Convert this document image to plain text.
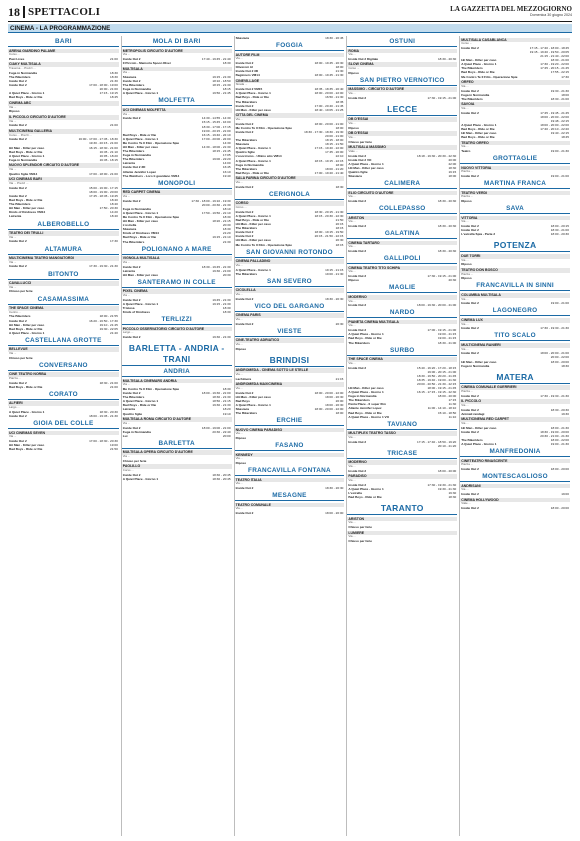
18 SPETTACOLI	LA GAZZETTA DEL MEZZOGIORNO
Domenica 30 giugno 2024
CINEMA - LA PROGRAMMAZIONE
BARI
ARENA GIARDINO PALAME
Corso ...
Past Lives	21:00
CIAKY MULTISALA
Traversa ... Prezzi ...
Fuga in Normandia	18:30
The Bikeriders	18:30
Inside Out 2	21:30
Inside Out 2	17:00 - 18:00 - 19:00
20:00 - 21:00
A Quiet Place - Giorno 1	17:15 - 19:15
Bad Boys - Ride or Die	18:45
CINEMA ABC
Via ...
Riposo
IL PICCOLO CIRCUITO D'AUTORE
Via ...
Inside Out 2	21:00
MULTICINEMA GALLERIA
Corso ... Prezzi ...
Inside Out 2	16:00 - 17:00 - 17:45 - 18:30
19:30 - 20:15 - 21:00
Hit Man - Killer per caso	16:15 - 18:30 - 21:00
Bad Boys - Ride or Die	16:45 - 21:10
A Quiet Place - Giorno 1	16:05 - 18:20
Fuga in Normandia	16:45 - 18:15
NUOVO SPLENDOR CIRCUITO D'AUTORE
Via ...
Quattro figlie VM14	17:00 - 18:00 - 21:00
UCI CINEMAS BARI
Via ... Prezzi ...
Inside Out 2	15:00 - 16:00 - 17:15
18:00 - 19:00 - 20:00
Inside Out 2	17:45 - 18:45 - 19:45
Bad Boys - Ride or Die	18:40
The Bikeriders	18:40
Hit Man - Killer per caso	17:50 - 20:30
Kinds of Kindness VM14	14:20
Latrenta	18:40
ALBEROBELLO
TEATRO DEI TRULLI
Via ...
Inside Out 2	17:30
ALTAMURA
MULTICINEMA TEATRO MANGIATORDI
Via ...
Inside Out 2	17:30 - 19:30 - 21:30
BITONTO
CAVALLUCCI
Via ...
Chiuso per ferie
CASAMASSIMA
THE SPACE CINEMA
Centro ...
The Bikeriders	18:00 - 21:55
Inside Out 2	16:20 - 16:50 - 17:30
Hit Man - Killer per caso	19:10 - 21:45
Bad Boys - Ride or Die	19:30 - 22:05
A Quiet Place - Giorno 1	21:40
CASTELLANA GROTTE
BELLEVUE
Via ...
Chiuso per ferie
CONVERSANO
CINE TEATRO NORBA
Piazza ...
Inside Out 2	18:30 - 21:00
Bad Boys - Ride or Die	21:00
CORATO
ALFIERI
Largo ...
A Quiet Place - Giorno 1	18:30 - 20:30
Inside Out 2	18:00 - 19:45 - 21:30
GIOIA DEL COLLE
UCI CINEMAS SEVEN
Via ...
Inside Out 2	17:00 - 18:30 - 20:30
Hit Man - Killer per caso	19:00
Bad Boys - Ride or Die	21:50
MOLA DI BARI
METROPOLIS CIRCUITO D'AUTORE
Via ...
Inside Out 2	17:40 - 19:45 - 21:40
Il Piccolo - Memoria Spoon River	18:30
MULTISALA
Via ...
Sbasiaca	19:15 - 21:30
Inside Out 2	18:10 - 18:50
The Bikeriders	18:15 - 21:30
Fuga in Normandia	18:15
A Quiet Place - Giorno 1	19:50 - 21:45
MOLFETTA
UCI CINEMAS MOLFETTA
Via ...
Inside Out 2	14:30 - 14:55 - 14:30
15:15 - 15:45 - 16:00
18:30 - 17:00 - 17:15
19:00 - 20:15 - 21:00
Bad Boys - Ride or Die	16:15 - 19:40 - 22:10
A Quiet Place - Giorno 1	17:00 - 20:00 - 22:00
Me Contro Te Il Film - Operazione Spie	14:30
Hit Man - Killer per caso	14:30 - 18:00 - 21:30
The Bikeriders	18:15 - 21:45
Fuga in Normandia	17:05
The Bikeriders	19:00 - 22:20
Latrenta	14:00
Inside Out 2 3D	16:45
Atlante Jennifer Lopez	16:10
The Watchers - Loro ti guardano VM14	19:40
MONOPOLI
RED CARPET CINEMA
Via ...
Inside Out 2	17:30 - 18:00 - 19:10 - 19:30
20:00 - 20:30 - 21:30
Fuga in Normandia	18:10
A Quiet Place - Giorno 1	17:50 - 19:50 - 21:10
Me Contro Te Il Film - Operazione Spie	18:30
Hit Man - Killer per caso	18:20 - 21:15
L'estrella	20:30
Sbasiaca	18:30
Kinds of Kindness VM14	21:20
Bad Boys - Ride or Die	19:15 - 21:10
The Bikeriders	21:30
POLIGNANO A MARE
VIGNOLA MULTISALA
Via ...
Inside Out 2	18:30 - 19:45 - 21:30
Latrenta	19:30 - 21:00
Hit Man - Killer per caso	20:30
SANTERAMO IN COLLE
PIXEL CINEMA
Via ...
Inside Out 2	19:45 - 21:30
A Quiet Place - Giorno 1	19:15 - 21:30
Tristesa	18:30
Kinds of Kindness	18:30
TERLIZZI
PICCOLO OSSERVATORIO CIRCUITO D'AUTORE
Largo ...
Inside Out 2	19:30 - 21:30
BARLETTA - ANDRIA - TRANI
ANDRIA
MULTISALA CINEMARS ANDRIA
Via ...
Me Contro Te Il Film - Operazione Spie	18:30
Inside Out 2	18:00 - 19:30 - 21:00
The Bikeriders	18:30 - 21:30
A Quiet Place - Giorno 1	18:50 - 21:15
Bad Boys - Ride or Die	19:30 - 21:30
Latrenta	18:20
Quattro figlie	19:10
MULTISALA ROMA CIRCUITO D'AUTORE
Via ...
Inside Out 2	18:00 - 19:00 - 21:00
Fuga in Normandia	20:30 - 22:40
Lui	20:00
BARLETTA
MULTISALA OPERA CIRCUITO D'AUTORE
Via ...
Chiuso per ferie
PAOLILLO
Corso ...
Inside Out 2	18:30 - 20:45
A Quiet Place - Giorno 1	18:30 - 20:45
Sbasiaca	18:30 - 20:45
FOGGIA
AUTORE FILM
Via ...
Inside Out 2	18:00 - 19:45 - 20:30
Oliveroni Al	18:00
Inside Out 2 3D	21:30
Beginners VM14	18:00 - 19:45 - 21:30
CINEVILLAGE
Strada ...
Inside Out 2 VM15	18:35 - 18:35 - 20:40
A Quiet Place - Giorno 1	18:00 - 20:00 - 22:00
Bad Boys - Ride or Die	16:50 - 21:30
The Bikeriders	18:35
Inside Out 2	17:00 - 20:40 - 21:45
Hit Man - Killer per caso	18:40 - 19:05 - 21:25
CITTA DEL CINEMA
Via ...
Inside Out 2	18:00 - 20:00 - 21:00
Me Contro Te Il Film - Operazione Spie	18:00
Inside Out 2	18:30 - 17:30 - 18:30 - 19:30
20:00 - 21:00
The Bikeriders	18:15 - 18:00
Sbasiaca	18:15 - 21:50
A Quiet Place - Giorno 1	17:15 - 19:40 - 22:00
Quattro figlie	17:45 - 20:00
L'esorcismo - Ultimo atto VM14	22:10
A Quiet Place - Giorno 1	18:15 - 19:15 - 22:15
Fuga in Normandia	18:00
The Bikeriders	18:00 - 21:20
Bad Boys - Ride or Die	17:00 - 19:20 - 21:40
SALA FARINA CIRCUITO D'AUTORE
Via ...
Inside Out 2	18:30
CERIGNOLA
CORSO
Corso ...
Inside Out 2	18:30 - 20:15 - 21:30
A Quiet Place - Giorno 1	18:15 - 20:30 - 22:30
Bad Boys - Ride or Die	21:50
Hit Man - Killer per caso	20:15
The Bikeriders	18:15
Inside Out 2	18:00 - 19:15 - 19:50
Inside Out 2	20:15 - 21:50 - 22:15
Hit Man - Killer per caso	20:30
Me Contro Te Il Film - Operazione Spie	18:15
SAN GIOVANNI ROTONDO
CINEMA PALLADINO
Via ...
A Quiet Place - Giorno 1	19:15 - 21:15
The Bikeriders	19:00 - 21:30
SAN SEVERO
CICOLELLA
Via ...
Inside Out 2	18:30 - 20:30
VICO DEL GARGANO
CINEMA PARIS
Via ...
Inside Out 2	20:30
VIESTE
CINE-TEATRO ADRIATICO
Via ...
Riposo
BRINDISI
ANDROMEDA - CINEMA SOTTO LE STELLE
Via ...
Lachimera	21:15
ANDROMEDA MAXICINEMA
Via ...
Inside Out 2	18:00 - 20:00 - 22:00
Hit Man - Killer per caso	18:00 - 20:30
Bad Boys	20:00
A Quiet Place - Giorno 1	18:00 - 20:30
Sbasiaca	18:00 - 20:00 - 22:00
The Bikeriders	18:00
ERCHIE
NUOVO CINEMA PARADISO
Via ...
Riposo
FASANO
KENNEDY
Via ...
Riposo
FRANCAVILLA FONTANA
TEATRO ITALIA
Via ...
Inside Out 2	18:30 - 20:30
MESAGNE
TEATRO COMUNALE
Via ...
Inside Out 2	18:00 - 20:00
OSTUNI
ROMA
Via ...
Inside Out 2 Digitale	18:30 - 20:30
SLOW CINEMA
Corso ...
Riposo
SAN PIETRO VERNOTICO
MASSIMO - CIRCUITO D'AUTORE
Via ...
Inside Out 2	17:30 - 19:15 - 21:00
LECCE
DB D'ESSAI
Via ...
Riposo
DB D'ESSAI
Via ...
Chiuso per ferie
MULTISALA MASSIMO
Viale ...
Inside Out 2	18:18 - 19:30 - 20:30 - 22:30
Inside Out 2 VO	20:00
A Quiet Place - Giorno 1	22:00
Hit Man - Killer per caso	18:30
Quattro figlie	19:15
Sbasiaca	18:00
CALIMERA
ELIO CIRCUITO D'AUTORE
Via ...
Inside Out 2	18:30 - 20:30
COLLEPASSO
ARISTON
Via ...
Inside Out 2	18:30 - 20:30
GALATINA
CINEMA TARTARO
Via ...
Inside Out 2	18:30 - 20:30
GALLIPOLI
CINEMA TEATRO TITO SCHIPA
Via ...
Inside Out 2	17:30 - 19:15 - 21:00
Riposo	20:30
MAGLIE
MODERNO
Via ...
Inside Out 2	18:00 - 19:30 - 20:00 - 21:00
NARDO
PIANETA CINEMA MULTISALA
Via ...
Inside Out 2	17:00 - 19:15 - 21:00
A Quiet Place - Giorno 1	19:00 - 21:15
Bad Boys - Ride or Die	19:00 - 21:15
The Bikeriders	18:30 - 21:00
SURBO
THE SPACE CINEMA
Via ...
Inside Out 2	15:40 - 16:20 - 17:20 - 18:15
19:00 - 20:15 - 21:00
18:30 - 19:50 - 20:20 - 21:45
18:35 - 19:40 - 19:00 - 21:30
20:00 - 20:50 - 21:30 - 22:15
Hit Man - Killer per caso	18:00 - 19:15 - 21:45
A Quiet Place - Giorno 1	16:15 - 17:15 - 19:15 - 22:30
Fuga in Normandia	18:00 - 20:00
The Bikeriders	17:15
Penta Place - Il super film	11:30
Atlante Jennifer Lopez	11:00 - 14:10 - 18:10
Bad Boys - Ride or Die	15:10 - 18:50
A Quiet Place - Giorno 1 VO	11:10
TAVIANO
MULTIPLEX TEATRO TASSO
Via ...
Inside Out 2	17:15 - 17:40 - 18:50 - 19:20
20:10 - 21:20
TRICASE
MODERNO
Via ...
Inside Out 2	18:00 - 20:00
PARADISO
Via ...
Inside Out 2	17:30 - 19:30 - 21:30
A Quiet Place - Giorno 1	19:30 - 21:30
L'estrella	19:30
Bad Boys - Ride or Die	18:30
TARANTO
ARISTON
Via ...
Chiuso per ferie
LUMIERE
Via ...
Chiuso per ferie
MULTISALA CASABLANCA
Corso ...
Inside Out 2	17:15 - 17:40 - 18:00 - 18:45
19:15 - 19:40 - 19:50 - 20:05
21:15 - 21:40 - 22:00
Hit Man - Killer per caso	18:30 - 21:00
A Quiet Place - Giorno 1	17:30 - 19:20 - 22:00
The Bikeriders	17:45 - 20:15 - 21:45
Bad Boys - Ride or Die	17:55 - 22:15
Me Contro Te Il Film - Operazione Spie	17:30
ORFEO
Via ...
Inside Out 2	19:30 - 21:30
Fuga in Normandia	18:00
The Bikeriders	18:30 - 21:00
SAVOIA
Via ...
Inside Out 2	17:45 - 19:45 - 21:45
18:00 - 20:00 - 22:00
19:48 - 22:15
A Quiet Place - Giorno 1	18:00 - 20:00 - 22:00
Bad Boys - Ride or Die	17:40 - 20:10 - 22:20
Hit Man - Killer per caso	19:40 - 22:15
Bad Boys - Ride or Die	18:45
TEATRO ORFEO
Via ...
Teatro	19:00 - 21:30
GROTTAGLIE
NUOVO VITTORIA
Piazza ...
Inside Out 2	19:00 - 21:00
MARTINA FRANCA
TEATRO VERDI
Piazza ...
Riposo
SAVA
VITTORIA
Via ...
Inside Out 2	18:00 - 20:15
Inside Out 2	18:30 - 21:00
L'estrella Spia - Parte 2	18:00 - 20:30
POTENZA
DUE TORRI
Via ...
Riposo
TEATRO DON BOSCO
Piazza ...
Riposo
FRANCAVILLA IN SINNI
COLUMBIA MULTISALA
Via ...
Inside Out 2	19:00 - 21:00
LAGONEGRO
CINEMA LUX
Via ...
Inside Out 2	17:30 - 19:30 - 21:30
TITO SCALO
MULTICINEMA RANIERI
Via ...
Inside Out 2	18:00 - 20:00 - 21:00
20:00 - 22:00
Hit Man - Killer per caso	18:00 - 20:00
Fuga in Normandia	18:30
MATERA
CINEMA COMUNALE GUERRIERI
Piazza ...
Inside Out 2	17:30 - 19:30 - 21:30
IL PICCOLO
Via ...
Inside Out 2	18:30 - 20:30
Animali randagi	19:30
MULTICINEMA RED CARPET
Via ...
Hit Man - Killer per caso	18:00 - 21:30
Inside Out 2	18:30 - 19:00 - 20:00
20:30 - 21:00 - 21:30
The Bikeriders	18:00 - 22:00
A Quiet Place - Giorno 1	19:00 - 21:30
MANFREDONIA
CINETEATRO RINASCENTE
Piazza ...
Inside Out 2	18:00 - 20:00
MONTESCAGLIOSO
ANDRISANI
Via ...
Inside Out 2	19:00
CINEMA HOLLYWOOD
Viale ...
Inside Out 2	18:00 - 20:00
